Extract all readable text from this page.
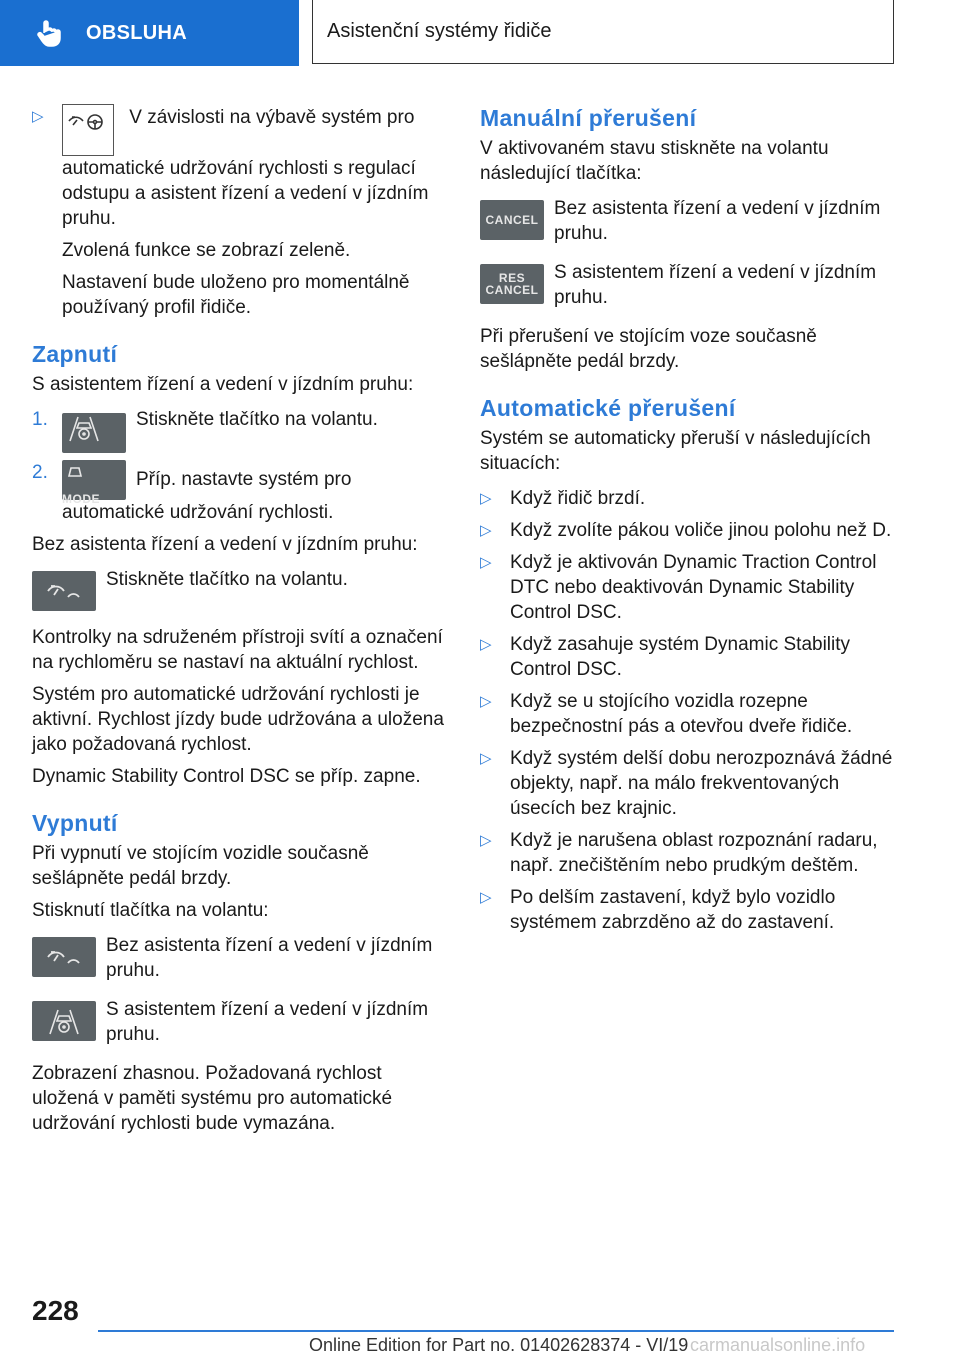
OBSLUHA	Asistenční systémy řidiče
▷	V závislosti na výbavě systém pro automatické udržování rychlosti s regulací odstupu a asistent řízení a vedení v jízdním pruhu.

Zvolená funkce se zobrazí zeleně.

Nastavení bude uloženo pro momentálně používaný profil řidiče.

Zapnutí

S asistentem řízení a vedení v jízdním pruhu:

1.	Stiskněte tlačítko na volantu.

2.

MODEPříp. nastavte systém pro automatické udržování rychlosti.

Bez asistenta řízení a vedení v jízdním pruhu:

Stiskněte tlačítko na volantu.

Kontrolky na sdruženém přístroji svítí a označení na rychloměru se nastaví na aktuální rychlost.

Systém pro automatické udržování rychlosti je aktivní. Rychlost jízdy bude udržována a uložena jako požadovaná rychlost.

Dynamic Stability Control DSC se příp. zapne.

Vypnutí

Při vypnutí ve stojícím vozidle současně sešlápněte pedál brzdy.

Stisknutí tlačítka na volantu:

Bez asistenta řízení a vedení v jízdním pruhu.

S asistentem řízení a vedení v jízdním pruhu.

Zobrazení zhasnou. Požadovaná rychlost uložená v paměti systému pro automatické udržování rychlosti bude vymazána.

Manuální přerušení

V aktivovaném stavu stiskněte na volantu následující tlačítka:

CANCEL

Bez asistenta řízení a vedení v jízdním pruhu.

RES
CANCEL

S asistentem řízení a vedení v jízdním pruhu.

Při přerušení ve stojícím voze současně sešlápněte pedál brzdy.

Automatické přerušení

Systém se automaticky přeruší v následujících situacích:

▷ Když řidič brzdí.

▷ Když zvolíte pákou voliče jinou polohu než D.

▷ Když je aktivován Dynamic Traction Control DTC nebo deaktivován Dynamic Stability Control DSC.

▷ Když zasahuje systém Dynamic Stability Control DSC.

▷ Když se u stojícího vozidla rozepne bezpečnostní pás a otevřou dveře řidiče.

▷ Když systém delší dobu nerozpoznává žádné objekty, např. na málo frekventovaných úsecích bez krajnic.

▷ Když je narušena oblast rozpoznání radaru, např. znečištěním nebo prudkým deštěm.

▷ Po delším zastavení, když bylo vozidlo systémem zabrzděno až do zastavení.

228
Online Edition for Part no. 01402628374 - VI/19 carmanualsonline.info
